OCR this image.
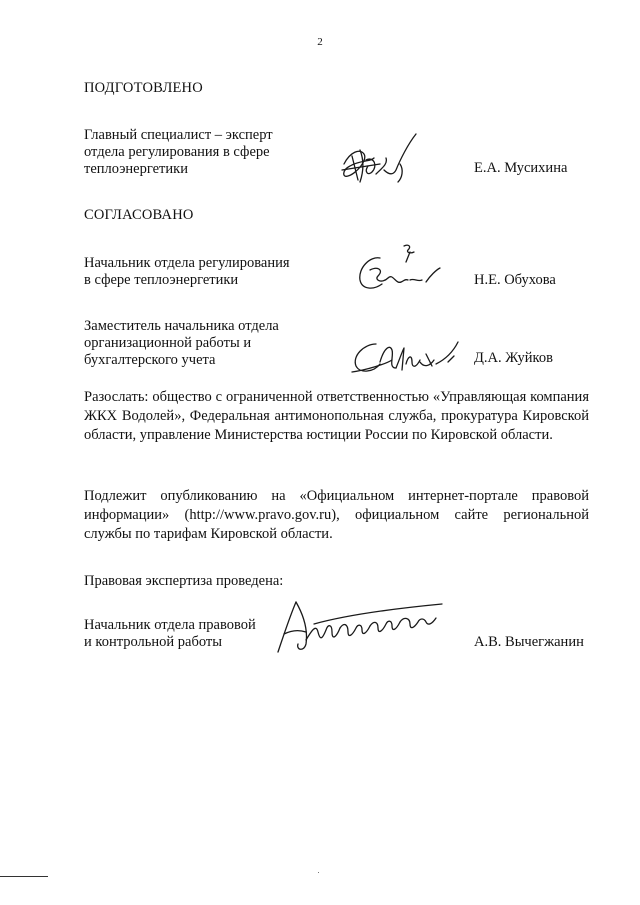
2
ПОДГОТОВЛЕНО
Главный специалист – эксперт
отдела регулирования в сфере
теплоэнергетики	Е.А. Мусихина
СОГЛАСОВАНО
Начальник отдела регулирования
в сфере теплоэнергетики	Н.Е. Обухова
Заместитель начальника отдела
организационной работы и
бухгалтерского учета	Д.А. Жуйков
Разослать: общество с ограниченной ответственностью «Управляющая компания ЖКХ Водолей», Федеральная антимонопольная служба, прокуратура Кировской области, управление Министерства юстиции России по Кировской области.
Подлежит опубликованию на «Официальном интернет-портале правовой информации» (http://www.pravo.gov.ru), официальном сайте региональной службы по тарифам Кировской области.
Правовая экспертиза проведена:
Начальник отдела правовой
и контрольной работы	А.В. Вычегжанин
